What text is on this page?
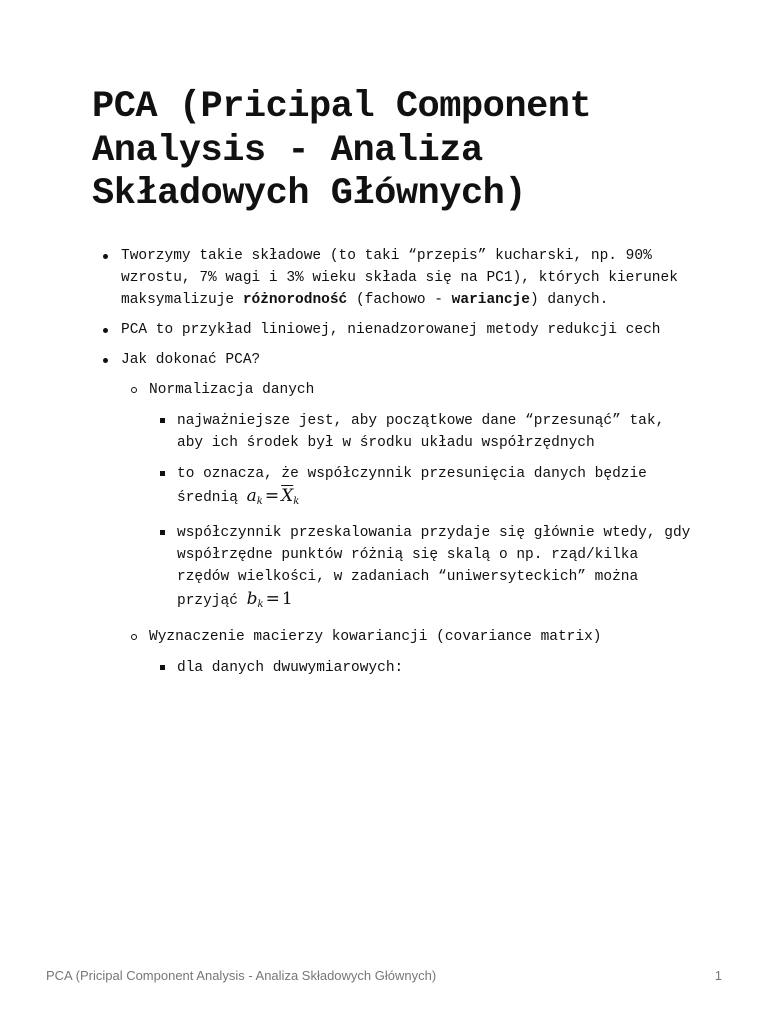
PCA (Pricipal Component Analysis - Analiza Składowych Głównych)
Tworzymy takie składowe (to taki “przepis” kucharski, np. 90% wzrostu, 7% wagi i 3% wieku składa się na PC1), których kierunek maksymalizuje różnorodność (fachowo - wariancje) danych.
PCA to przykład liniowej, nienadzorowanej metody redukcji cech
Jak dokonać PCA?
Normalizacja danych
najważniejsze jest, aby początkowe dane “przesunąć” tak, aby ich środek był w środku układu współrzędnych
to oznacza, że współczynnik przesunięcia danych będzie średnią $a_k = \overline{X}_k$
współczynnik przeskalowania przydaje się głównie wtedy, gdy współrzędne punktów różnią się skalą o np. rząd/kilka rzędów wielkości, w zadaniach “uniwersyteckich” można przyjąć $b_k = 1$
Wyznaczenie macierzy kowariancji (covariance matrix)
dla danych dwuwymiarowych:
PCA (Pricipal Component Analysis - Analiza Składowych Głównych)	1
